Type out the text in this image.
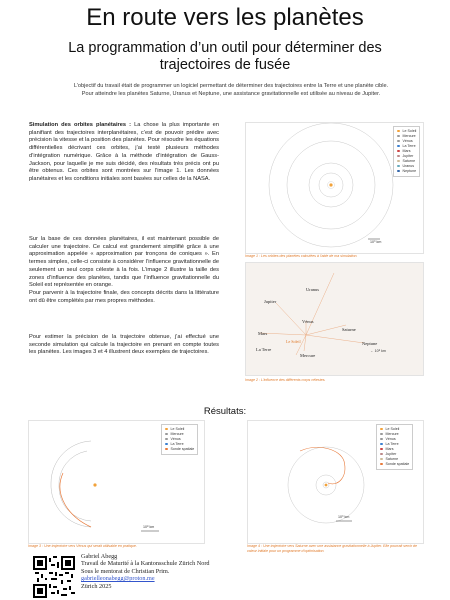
En route vers les planètes
La programmation d’un outil pour déterminer des trajectoires de fusée
L’objectif du travail était de programmer un logiciel permettant de déterminer des trajectoires entre la Terre et une planète cible. Pour atteindre les planètes Saturne, Uranus et Neptune, une assistance gravitationnelle est utilisée au niveau de Jupiter.
Simulation des orbites planétaires : La chose la plus importante en planifiant des trajectoires interplanétaires, c’est de pouvoir prédire avec précision la vitesse et la position des planètes. Pour résoudre les équations différentielles décrivant ces orbites, j’ai testé plusieurs méthodes d’intégration numérique. Grâce à la méthode d’intégration de Gauss-Jackson, pour laquelle je me suis décidé, des résultats très précis ont pu être obtenus. Ces orbites sont montrées sur l’image 1. Les données planétaires et les conditions initiales sont basées sur celles de la NASA.
10⁹ km
Le Soleil
Mercure
Vénus
La Terre
Mars
Jupiter
Saturne
Uranus
Neptune
Image 1 : Les orbites des planètes calculées à l’aide de ma simulation.
Sur la base de ces données planétaires, il est maintenant possible de calculer une trajectoire. Ce calcul est grandement simplifié grâce à une approximation appelée « approximation par tronçons de coniques ». En termes simples, celle-ci consiste à considérer l’influence gravitationnelle de seulement un seul corps céleste à la fois. L’image 2 illustre la taille des zones d’influence des planètes, tandis que l’influence gravitationnelle du Soleil est représentée en orange.
Pour parvenir à la trajectoire finale, des concepts décrits dans la littérature ont dû être complétés par mes propres méthodes.
Uranus
Jupiter
Vénus
Saturne
Mars
Le Soleil	Neptune
La Terre
Mercure
← 10⁸ km
Image 2 : L’influence des différents corps célestes.
Pour estimer la précision de la trajectoire obtenue, j’ai effectué une seconde simulation qui calcule la trajectoire en prenant en compte toutes les planètes. Les images 3 et 4 illustrent deux exemples de trajectoires.
Résultats:
10⁸ km
Le Soleil
Mercure
Vénus
La Terre
Sonde spatiale
Image 3 : Une trajectoire vers Vénus qui serait utilisable en pratique.
10⁹ km
Le Soleil
Mercure
Vénus
La Terre
Mars
Jupiter
Saturne
Sonde spatiale
Image 4 : Une trajectoire vers Saturne avec une assistance gravitationnelle à Jupiter. Elle pourrait servir de valeur initiale pour un programme d’optimisation.
Gabriel Abegg
Travail de Maturité à la Kantonsschule Zürich Nord
Sous le mentorat de Christian Prim.
gabrielleonabegg@proton.me
Zürich 2025
